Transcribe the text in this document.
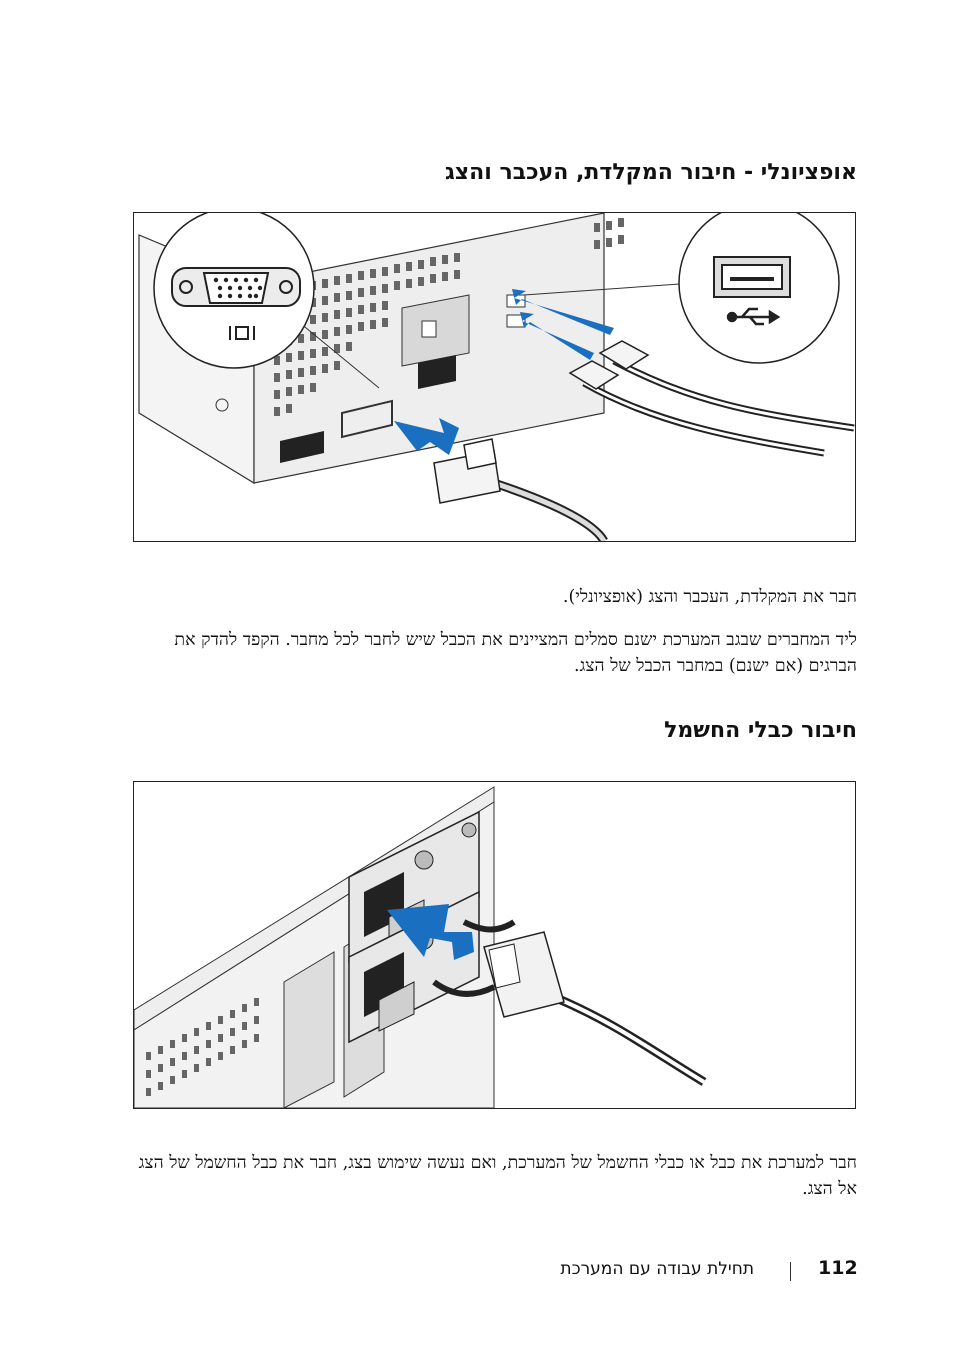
אופציונלי - חיבור המקלדת, העכבר והצג

חבר את המקלדת, העכבר והצג (אופציונלי).

ליד המחברים שבגב המערכת ישנם סמלים המציינים את הכבל שיש לחבר לכל מחבר. הקפד להדק את הברגים (אם ישנם) במחבר הכבל של הצג.

חיבור כבלי החשמל

חבר למערכת את כבל או כבלי החשמל של המערכת, ואם נעשה שימוש בצג, חבר את כבל החשמל של הצג אל הצג.

תחילת עבודה עם המערכת	112
